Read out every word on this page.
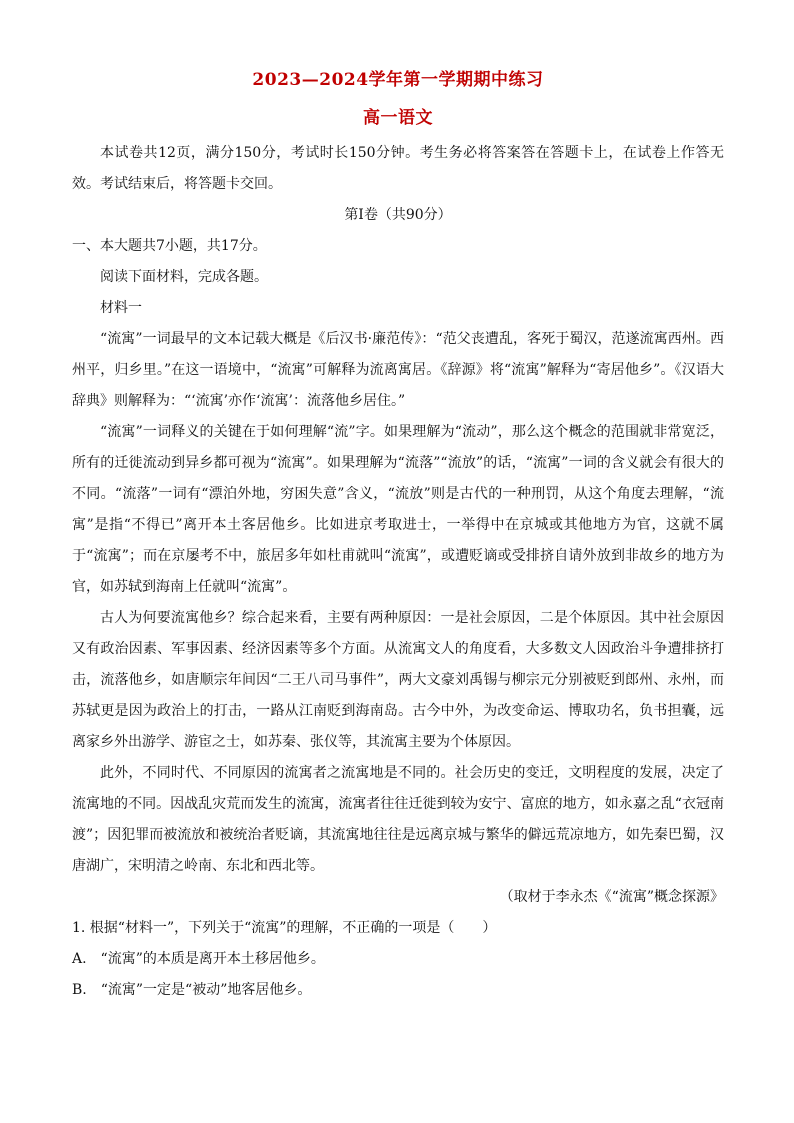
2023—2024学年第一学期期中练习
高一语文

本试卷共12页，满分150分，考试时长150分钟。考生务必将答案答在答题卡上，在试卷上作答无效。考试结束后，将答题卡交回。

第Ⅰ卷（共90分）

一、本大题共7小题，共17分。

阅读下面材料，完成各题。

材料一

“流寓”一词最早的文本记载大概是《后汉书·廉范传》：“范父丧遭乱，客死于蜀汉，范遂流寓西州。西州平，归乡里。”在这一语境中，“流寓”可解释为流离寓居。《辞源》将“流寓”解释为“寄居他乡”。《汉语大辞典》则解释为：“‘流寓’亦作‘流寓’：流落他乡居住。”

“流寓”一词释义的关键在于如何理解“流”字。如果理解为“流动”，那么这个概念的范围就非常宽泛，所有的迁徙流动到异乡都可视为“流寓”。如果理解为“流落”“流放”的话，“流寓”一词的含义就会有很大的不同。“流落”一词有“漂泊外地，穷困失意”含义，“流放”则是古代的一种刑罚，从这个角度去理解，“流寓”是指“不得已”离开本土客居他乡。比如进京考取进士，一举得中在京城或其他地方为官，这就不属于“流寓”；而在京屡考不中，旅居多年如杜甫就叫“流寓”，或遭贬谪或受排挤自请外放到非故乡的地方为官，如苏轼到海南上任就叫“流寓”。

古人为何要流寓他乡？综合起来看，主要有两种原因：一是社会原因，二是个体原因。其中社会原因又有政治因素、军事因素、经济因素等多个方面。从流寓文人的角度看，大多数文人因政治斗争遭排挤打击，流落他乡，如唐顺宗年间因“二王八司马事件”，两大文豪刘禹锡与柳宗元分别被贬到郎州、永州，而苏轼更是因为政治上的打击，一路从江南贬到海南岛。古今中外，为改变命运、博取功名，负书担囊，远离家乡外出游学、游宦之士，如苏秦、张仪等，其流寓主要为个体原因。

此外，不同时代、不同原因的流寓者之流寓地是不同的。社会历史的变迁，文明程度的发展，决定了流寓地的不同。因战乱灾荒而发生的流寓，流寓者往往迁徙到较为安宁、富庶的地方，如永嘉之乱“衣冠南渡”；因犯罪而被流放和被统治者贬谪，其流寓地往往是远离京城与繁华的僻远荒凉地方，如先秦巴蜀，汉唐湖广，宋明清之岭南、东北和西北等。

（取材于李永杰《“流寓”概念探源》

1. 根据“材料一”，下列关于“流寓”的理解，不正确的一项是（　　）

A.　“流寓”的本质是离开本土移居他乡。

B.　“流寓”一定是“被动”地客居他乡。
